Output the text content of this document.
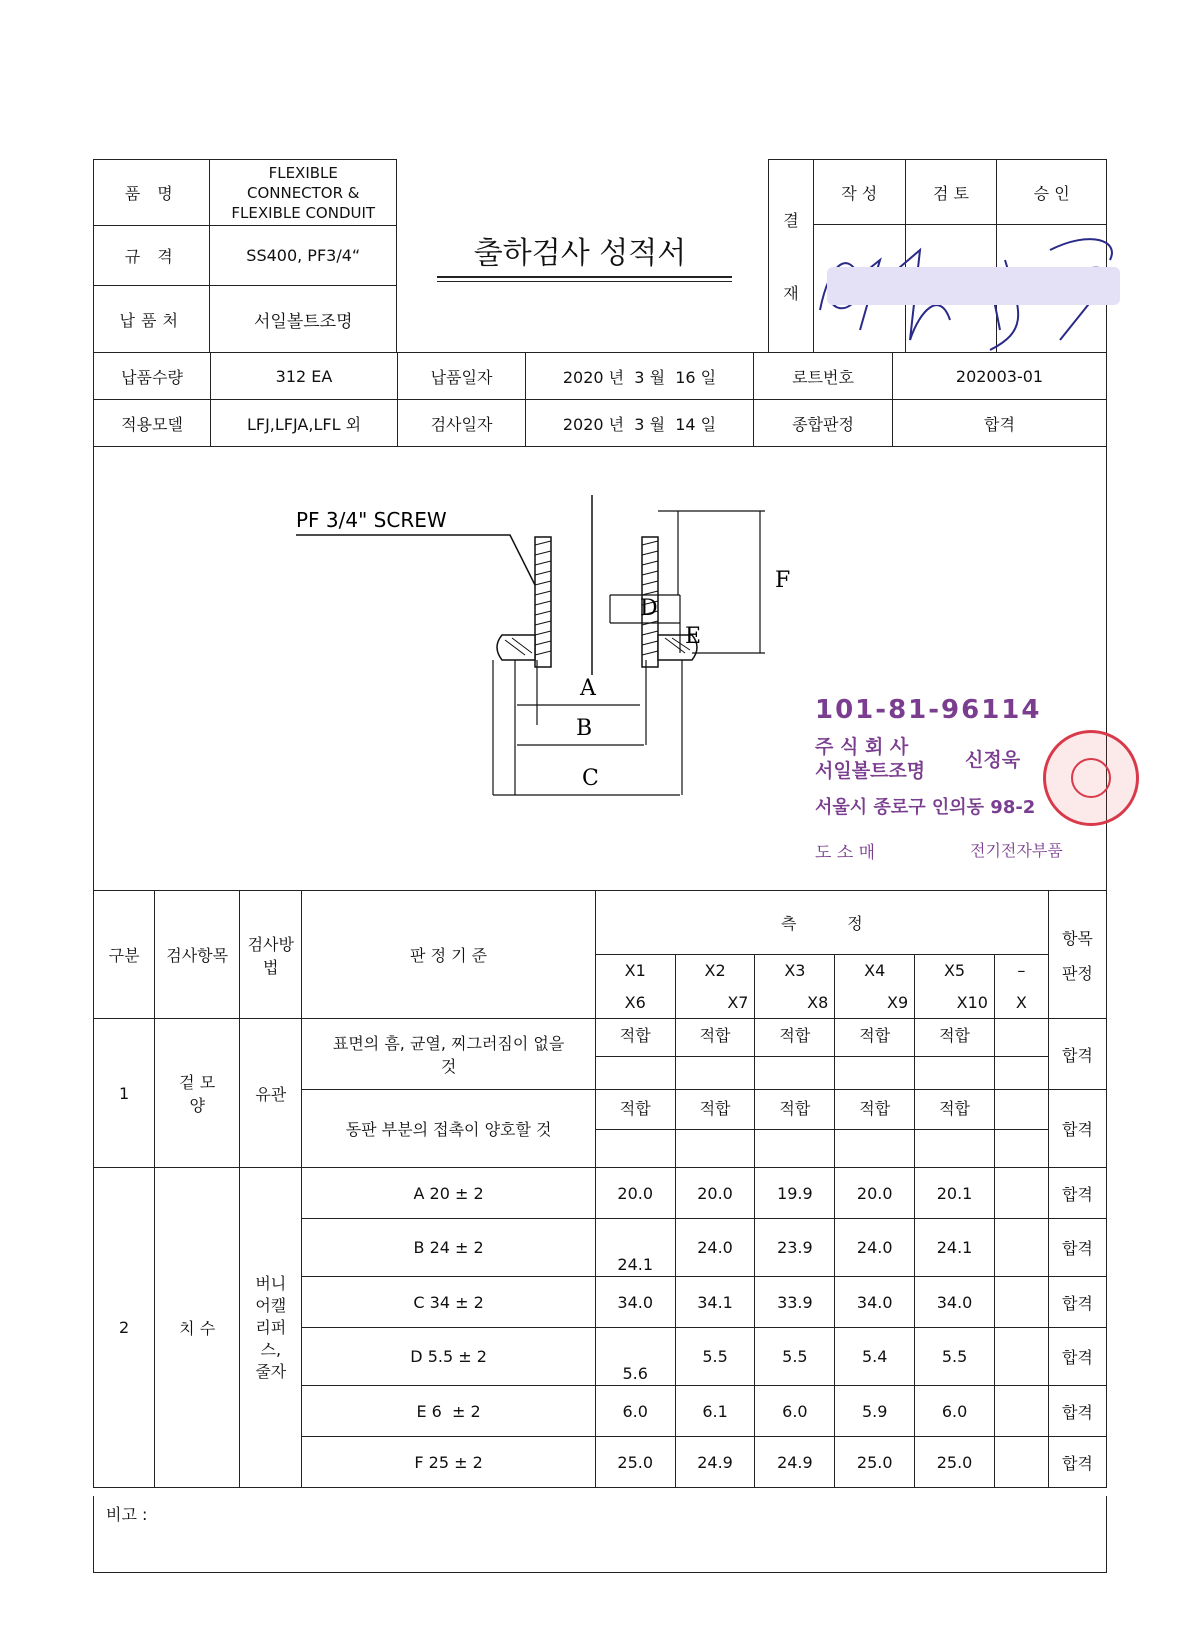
품 명	FLEXIBLE
CONNECTOR &
FLEXIBLE CONDUIT

규 격	SS400, PF3/4“
납품처	서일볼트조명
출하검사 성적서
결
재	작 성	검 토	승 인

납품수량	312 EA	납품일자	2020 년  3 월  16 일	로트번호	202003-01
적용모델	LFJ,LFJA,LFL 외	검사일자	2020 년  3 월  14 일	종합판정	합격
PF 3/4" SCREW
A
B
C
D
E
F
101-81-96114
주 식 회 사
서일볼트조명 신정욱
서울시 종로구 인의동 98-2
도 소 매	전기전자부품
구분	검사항목	검사방법	판 정 기 준	측          정						항목
판정

				X1	X2	X3	X4	X5	–	
				X6	X7	X8	X9	X10	X	
1	겉 모 양	유관	표면의 흠, 균열, 찌그러짐이 없을 것	적합	적합	적합	적합	적합		합격

			동판 부분의 접촉이 양호할 것	적합	적합	적합	적합	적합		합격

2	치 수	버니어캘리퍼스, 줄자	A 20 ± 2	20.0	20.0	19.9	20.0	20.1		합격
			B 24 ± 2	24.1	24.0	23.9	24.0	24.1		합격
			C 34 ± 2	34.0	34.1	33.9	34.0	34.0		합격
			D 5.5 ± 2	5.6	5.5	5.5	5.4	5.5		합격
			E 6  ± 2	6.0	6.1	6.0	5.9	6.0		합격
			F 25 ± 2	25.0	24.9	24.9	25.0	25.0		합격
비고 :
